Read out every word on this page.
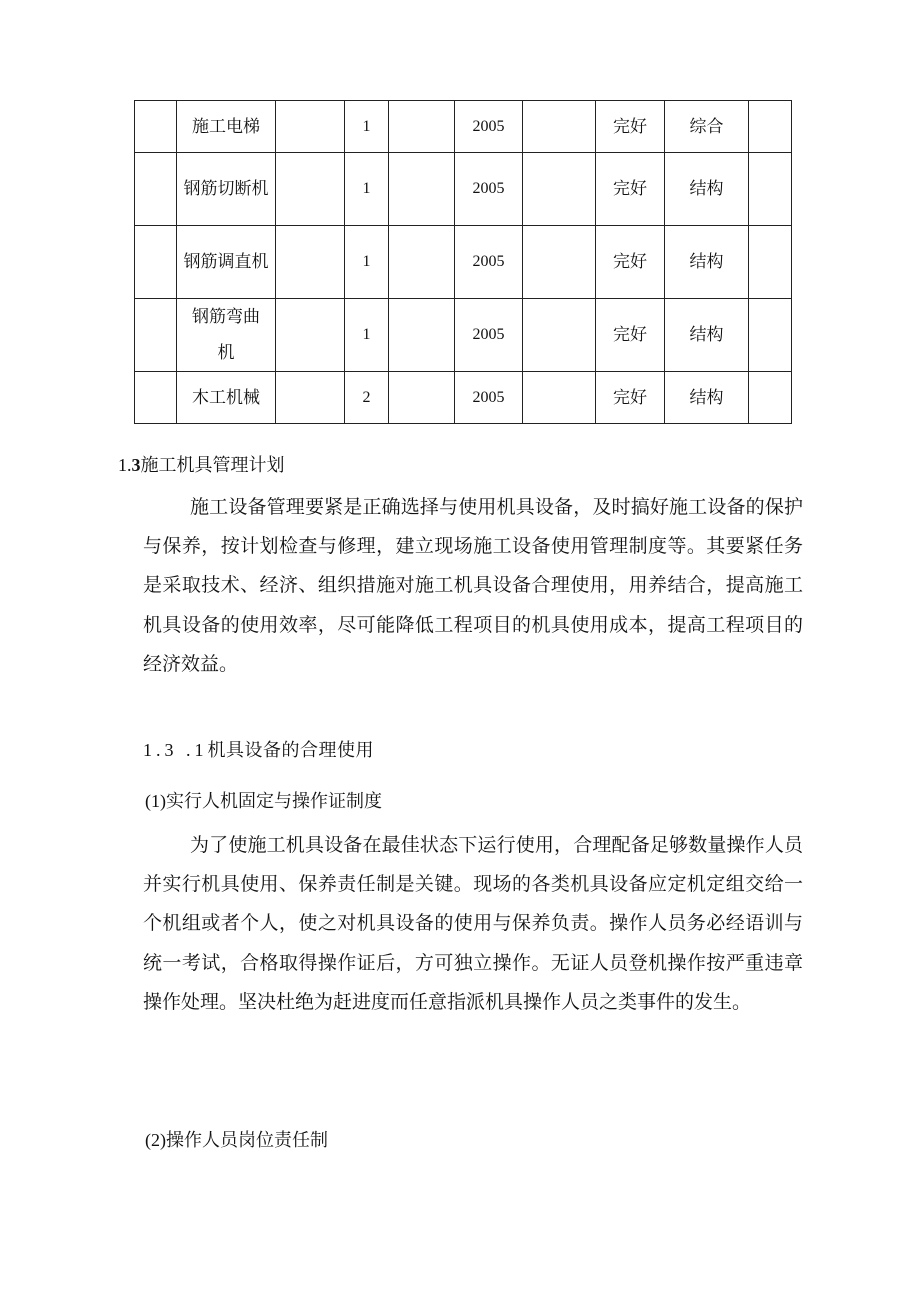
	施工电梯		1		2005		完好	综合	
	钢筋切断机		1		2005		完好	结构	
	钢筋调直机		1		2005		完好	结构	

	钢筋弯曲机		1		2005		完好	结构	
	木工机械		2		2005		完好	结构	
1.3施工机具管理计划

施工设备管理要紧是正确选择与使用机具设备，及时搞好施工设备的保护与保养，按计划检查与修理，建立现场施工设备使用管理制度等。其要紧任务是采取技术、经济、组织措施对施工机具设备合理使用，用养结合，提高施工机具设备的使用效率，尽可能降低工程项目的机具使用成本，提高工程项目的经济效益。

1.3 .1机具设备的合理使用
(1)实行人机固定与操作证制度

为了使施工机具设备在最佳状态下运行使用，合理配备足够数量操作人员并实行机具使用、保养责任制是关键。现场的各类机具设备应定机定组交给一个机组或者个人，使之对机具设备的使用与保养负责。操作人员务必经语训与统一考试，合格取得操作证后，方可独立操作。无证人员登机操作按严重违章操作处理。坚决杜绝为赶进度而任意指派机具操作人员之类事件的发生。

(2)操作人员岗位责任制
